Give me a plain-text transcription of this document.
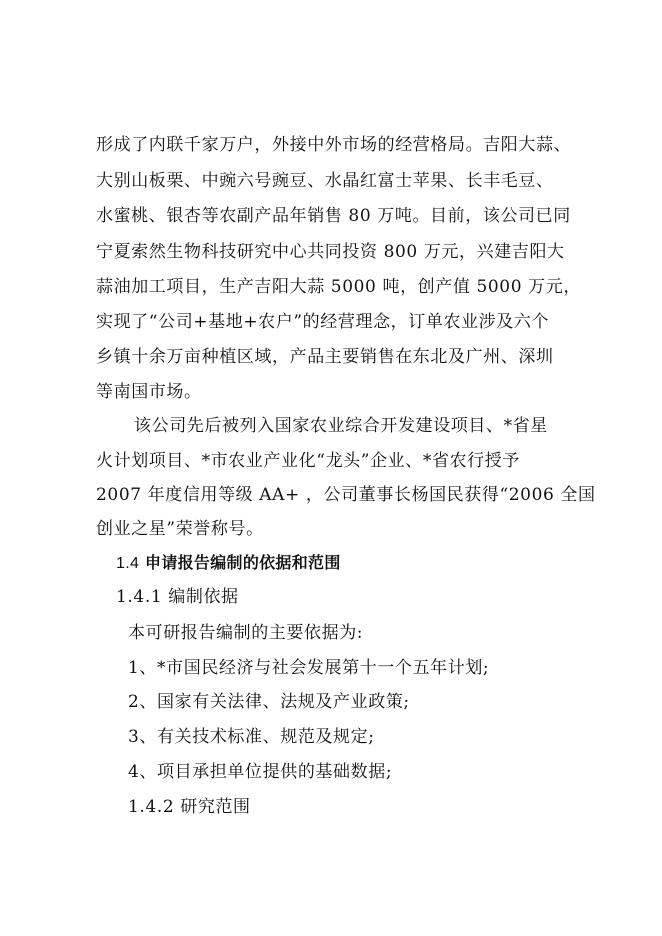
形成了内联千家万户，外接中外市场的经营格局。吉阳大蒜、
大别山板栗、中豌六号豌豆、水晶红富士苹果、长丰毛豆、
水蜜桃、银杏等农副产品年销售 80 万吨。目前，该公司已同
宁夏索然生物科技研究中心共同投资 800 万元，兴建吉阳大
蒜油加工项目，生产吉阳大蒜 5000 吨，创产值 5000 万元，
实现了“公司+基地+农户”的经营理念，订单农业涉及六个
乡镇十余万亩种植区域，产品主要销售在东北及广州、深圳
等南国市场。
该公司先后被列入国家农业综合开发建设项目、*省星
火计划项目、*市农业产业化“龙头”企业、*省农行授予
2007 年度信用等级 AA+ ，公司董事长杨国民获得“2006 全国
创业之星”荣誉称号。
1.4 申请报告编制的依据和范围
1.4.1 编制依据
本可研报告编制的主要依据为:
1、*市国民经济与社会发展第十一个五年计划;
2、国家有关法律、法规及产业政策;
3、有关技术标准、规范及规定;
4、项目承担单位提供的基础数据;
1.4.2 研究范围
